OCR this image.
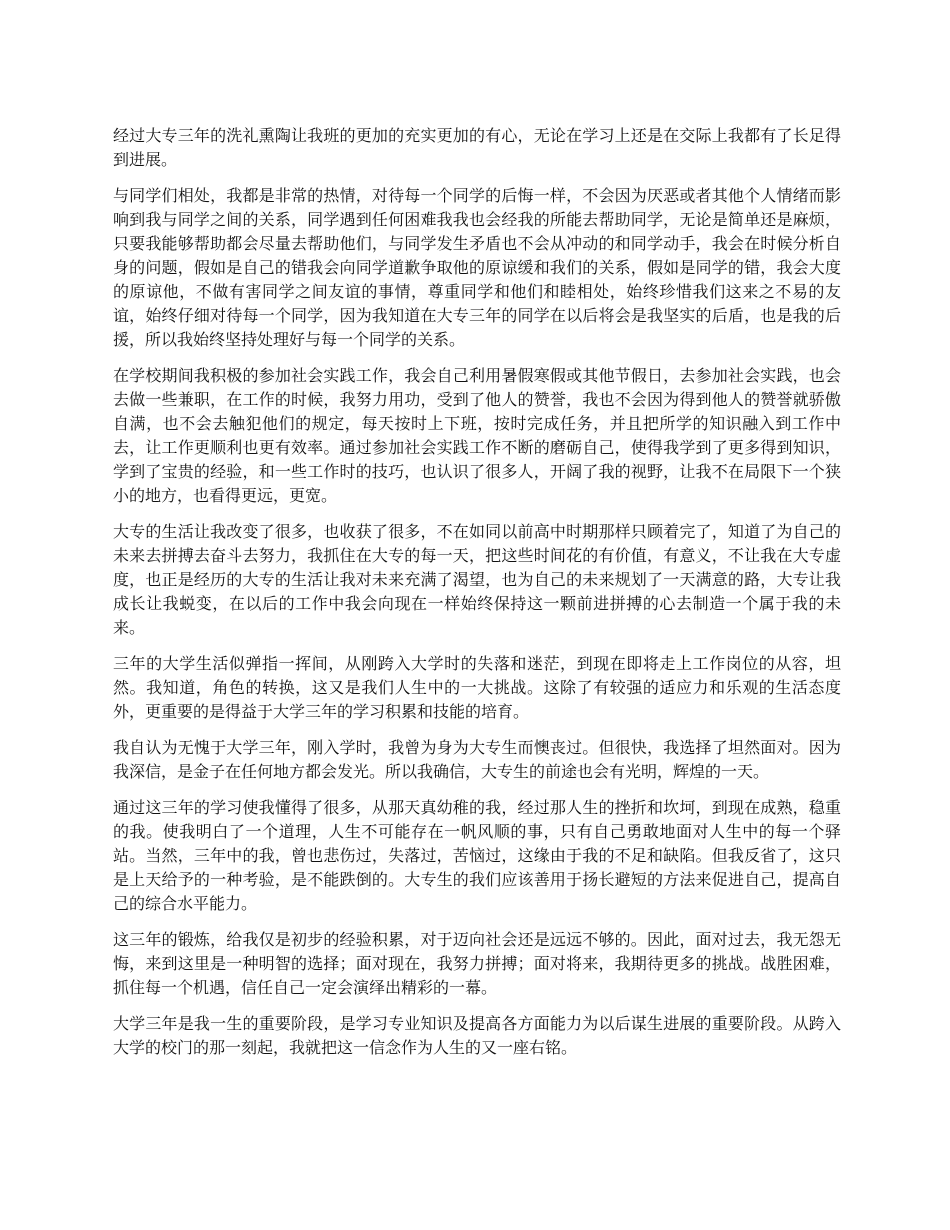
经过大专三年的洗礼熏陶让我班的更加的充实更加的有心，无论在学习上还是在交际上我都有了长足得到进展。

与同学们相处，我都是非常的热情，对待每一个同学的后悔一样，不会因为厌恶或者其他个人情绪而影响到我与同学之间的关系，同学遇到任何困难我我也会经我的所能去帮助同学，无论是简单还是麻烦，只要我能够帮助都会尽量去帮助他们，与同学发生矛盾也不会从冲动的和同学动手，我会在时候分析自身的问题，假如是自己的错我会向同学道歉争取他的原谅缓和我们的关系，假如是同学的错，我会大度的原谅他，不做有害同学之间友谊的事情，尊重同学和他们和睦相处，始终珍惜我们这来之不易的友谊，始终仔细对待每一个同学，因为我知道在大专三年的同学在以后将会是我坚实的后盾，也是我的后援，所以我始终坚持处理好与每一个同学的关系。

在学校期间我积极的参加社会实践工作，我会自己利用暑假寒假或其他节假日，去参加社会实践，也会去做一些兼职，在工作的时候，我努力用功，受到了他人的赞誉，我也不会因为得到他人的赞誉就骄傲自满，也不会去触犯他们的规定，每天按时上下班，按时完成任务，并且把所学的知识融入到工作中去，让工作更顺利也更有效率。通过参加社会实践工作不断的磨砺自己，使得我学到了更多得到知识，学到了宝贵的经验，和一些工作时的技巧，也认识了很多人，开阔了我的视野，让我不在局限下一个狭小的地方，也看得更远，更宽。

大专的生活让我改变了很多，也收获了很多，不在如同以前高中时期那样只顾着完了，知道了为自己的未来去拼搏去奋斗去努力，我抓住在大专的每一天，把这些时间花的有价值，有意义，不让我在大专虚度，也正是经历的大专的生活让我对未来充满了渴望，也为自己的未来规划了一天满意的路，大专让我成长让我蜕变，在以后的工作中我会向现在一样始终保持这一颗前进拼搏的心去制造一个属于我的未来。

三年的大学生活似弹指一挥间，从刚跨入大学时的失落和迷茫，到现在即将走上工作岗位的从容，坦然。我知道，角色的转换，这又是我们人生中的一大挑战。这除了有较强的适应力和乐观的生活态度外，更重要的是得益于大学三年的学习积累和技能的培育。

我自认为无愧于大学三年，刚入学时，我曾为身为大专生而懊丧过。但很快，我选择了坦然面对。因为我深信，是金子在任何地方都会发光。所以我确信，大专生的前途也会有光明，辉煌的一天。

通过这三年的学习使我懂得了很多，从那天真幼稚的我，经过那人生的挫折和坎坷，到现在成熟，稳重的我。使我明白了一个道理，人生不可能存在一帆风顺的事，只有自己勇敢地面对人生中的每一个驿站。当然，三年中的我，曾也悲伤过，失落过，苦恼过，这缘由于我的不足和缺陷。但我反省了，这只是上天给予的一种考验，是不能跌倒的。大专生的我们应该善用于扬长避短的方法来促进自己，提高自己的综合水平能力。

这三年的锻炼，给我仅是初步的经验积累，对于迈向社会还是远远不够的。因此，面对过去，我无怨无悔，来到这里是一种明智的选择；面对现在，我努力拼搏；面对将来，我期待更多的挑战。战胜困难，抓住每一个机遇，信任自己一定会演绎出精彩的一幕。

大学三年是我一生的重要阶段，是学习专业知识及提高各方面能力为以后谋生进展的重要阶段。从跨入大学的校门的那一刻起，我就把这一信念作为人生的又一座右铭。
